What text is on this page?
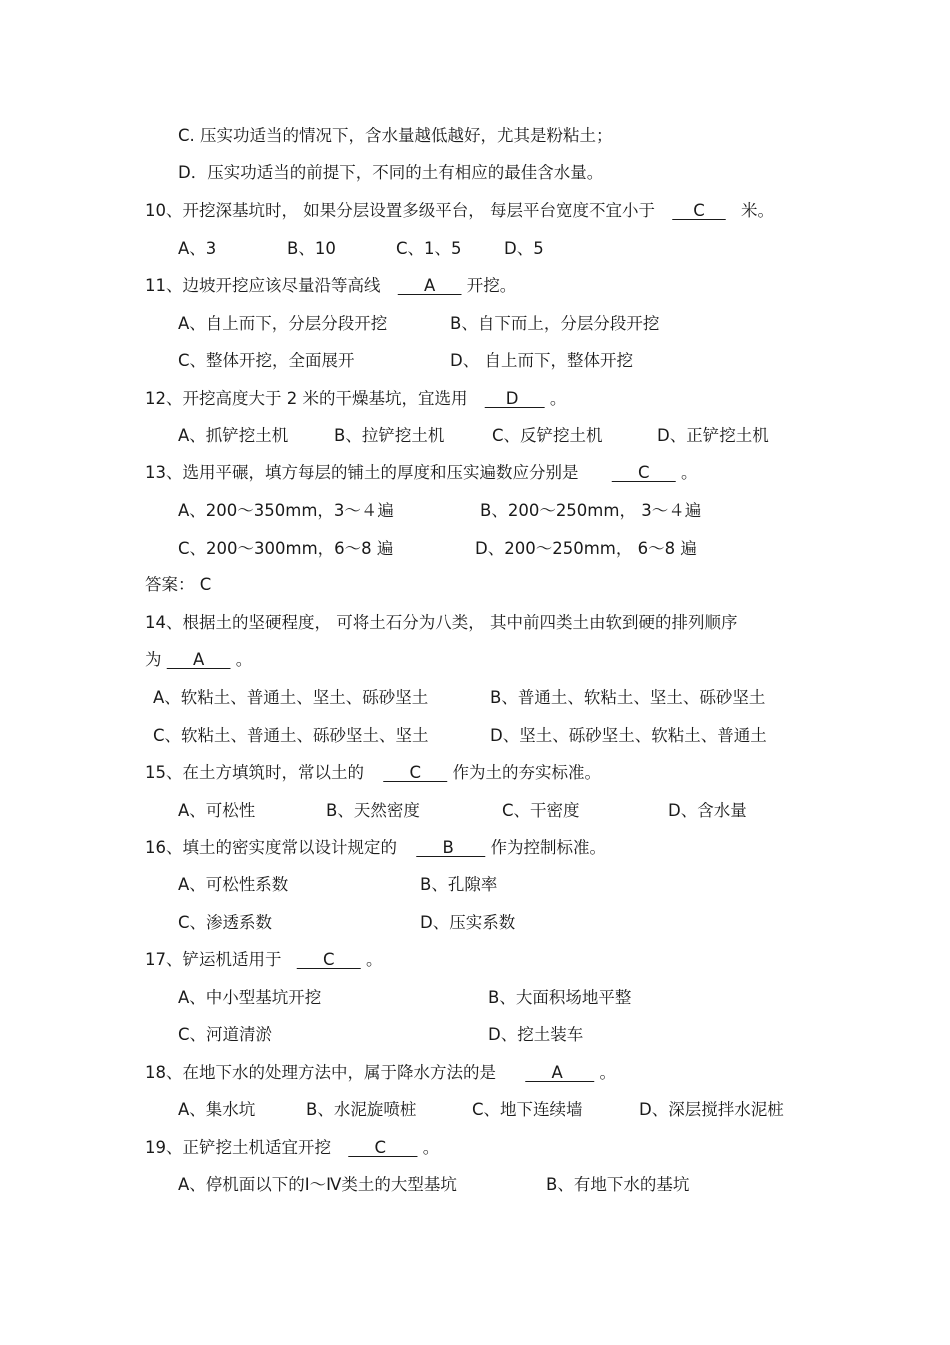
C. 压实功适当的情况下，含水量越低越好，尤其是粉粘土；
D．压实功适当的前提下，不同的土有相应的最佳含水量。
10、开挖深基坑时， 如果分层设置多级平台， 每层平台宽度不宜小于     C     米。
A、3	B、10	C、1、5	D、5
11、边坡开挖应该尽量沿等高线      A      开挖。
A、自上而下，分层分段开挖	B、自下而上，分层分段开挖
C、整体开挖，全面展开	D、 自上而下，整体开挖
12、开挖高度大于 2 米的干燥基坑，宜选用     D      。
A、抓铲挖土机	B、拉铲挖土机	C、反铲挖土机	D、正铲挖土机
13、选用平碾，填方每层的铺土的厚度和压实遍数应分别是      C      。
A、200～350mm，3～４遍	B、200～250mm， 3～４遍
C、200～300mm，6～8 遍	D、200～250mm， 6～8 遍
答案： C
14、根据土的坚硬程度， 可将土石分为八类， 其中前四类土由软到硬的排列顺序
为      A      。
A、软粘土、普通土、坚土、砾砂坚土	B、普通土、软粘土、坚土、砾砂坚土
C、软粘土、普通土、砾砂坚土、坚土	D、坚土、砾砂坚土、软粘土、普通土
15、在土方填筑时，常以土的      C      作为土的夯实标准。
A、可松性	B、天然密度	C、干密度	D、含水量
16、填土的密实度常以设计规定的      B       作为控制标准。
A、可松性系数	B、孔隙率
C、渗透系数	D、压实系数
17、铲运机适用于      C      。
A、中小型基坑开挖	B、大面积场地平整
C、河道清淤	D、挖土装车
18、在地下水的处理方法中，属于降水方法的是      A       。
A、集水坑	B、水泥旋喷桩	C、地下连续墙	D、深层搅拌水泥桩
19、正铲挖土机适宜开挖      C       。
A、停机面以下的Ⅰ～Ⅳ类土的大型基坑	B、有地下水的基坑
